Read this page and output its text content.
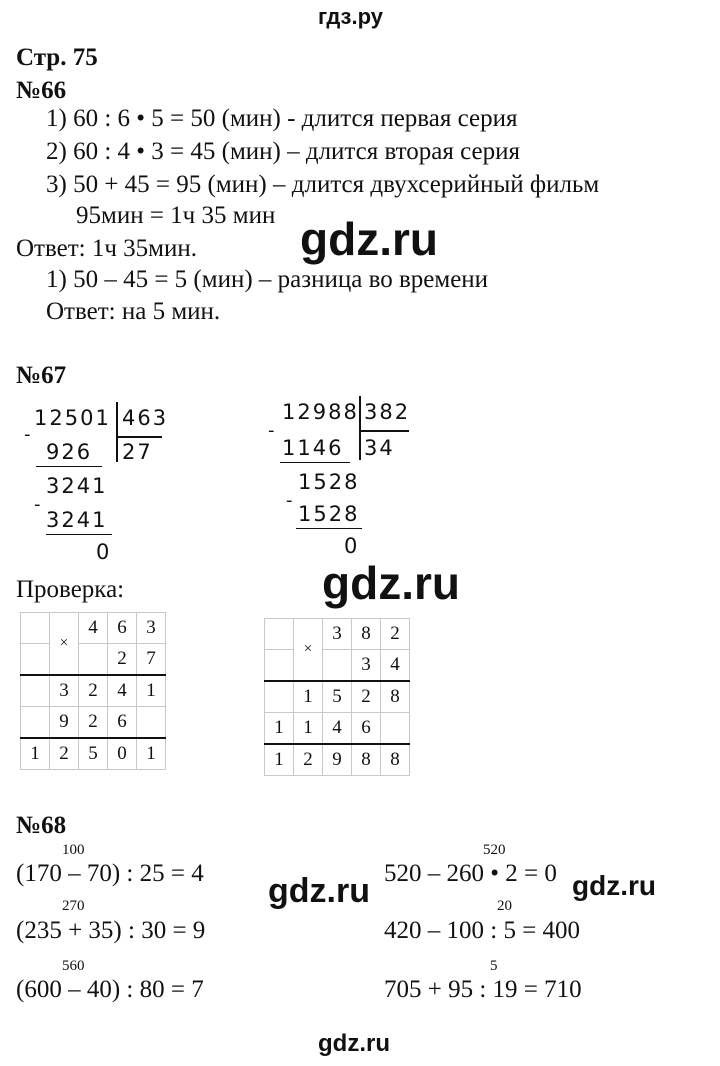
гдз.ру
Стр. 75
№66
1) 60 : 6 • 5 = 50 (мин) - длится первая серия
2) 60 : 4 • 3 = 45 (мин) – длится вторая серия
3) 50 + 45 = 95 (мин) – длится двухсерийный фильм
95мин = 1ч 35 мин
Ответ: 1ч 35мин.
1) 50 – 45 = 5 (мин) – разница во времени
Ответ: на 5 мин.
gdz.ru
№67
12501 463
-
926 27
3241
-
3241
0
12988 382
-
1146 34
1528
-
1528
0
gdz.ru
Проверка:
	×	4	6	3
			2	7
	3	2	4	1
	9	2	6	
1	2	5	0	1
	×	3	8	2
			3	4
	1	5	2	8
1	1	4	6	
1	2	9	8	8
№68
100
(170 – 70) : 25 = 4
270
(235 + 35) : 30 = 9
560
(600 – 40) : 80 = 7
520
520 – 260 • 2 = 0
20
420 – 100 : 5 = 400
5
705 + 95 : 19 = 710
gdz.ru	gdz.ru
gdz.ru
